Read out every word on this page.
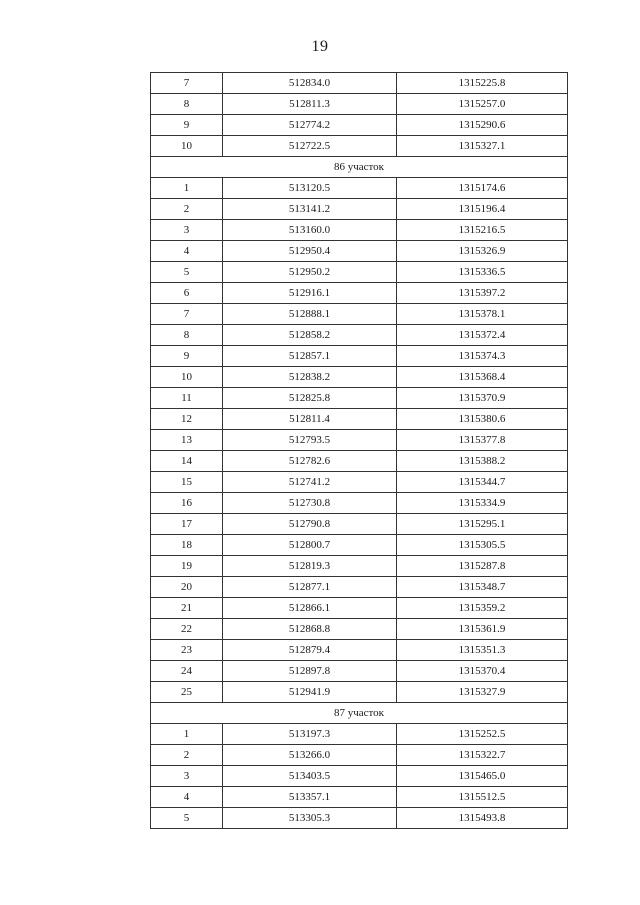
19
7	512834.0	1315225.8
8	512811.3	1315257.0
9	512774.2	1315290.6
10	512722.5	1315327.1
86 участок		
1	513120.5	1315174.6
2	513141.2	1315196.4
3	513160.0	1315216.5
4	512950.4	1315326.9
5	512950.2	1315336.5
6	512916.1	1315397.2
7	512888.1	1315378.1
8	512858.2	1315372.4
9	512857.1	1315374.3
10	512838.2	1315368.4
11	512825.8	1315370.9
12	512811.4	1315380.6
13	512793.5	1315377.8
14	512782.6	1315388.2
15	512741.2	1315344.7
16	512730.8	1315334.9
17	512790.8	1315295.1
18	512800.7	1315305.5
19	512819.3	1315287.8
20	512877.1	1315348.7
21	512866.1	1315359.2
22	512868.8	1315361.9
23	512879.4	1315351.3
24	512897.8	1315370.4
25	512941.9	1315327.9
87 участок		
1	513197.3	1315252.5
2	513266.0	1315322.7
3	513403.5	1315465.0
4	513357.1	1315512.5
5	513305.3	1315493.8
